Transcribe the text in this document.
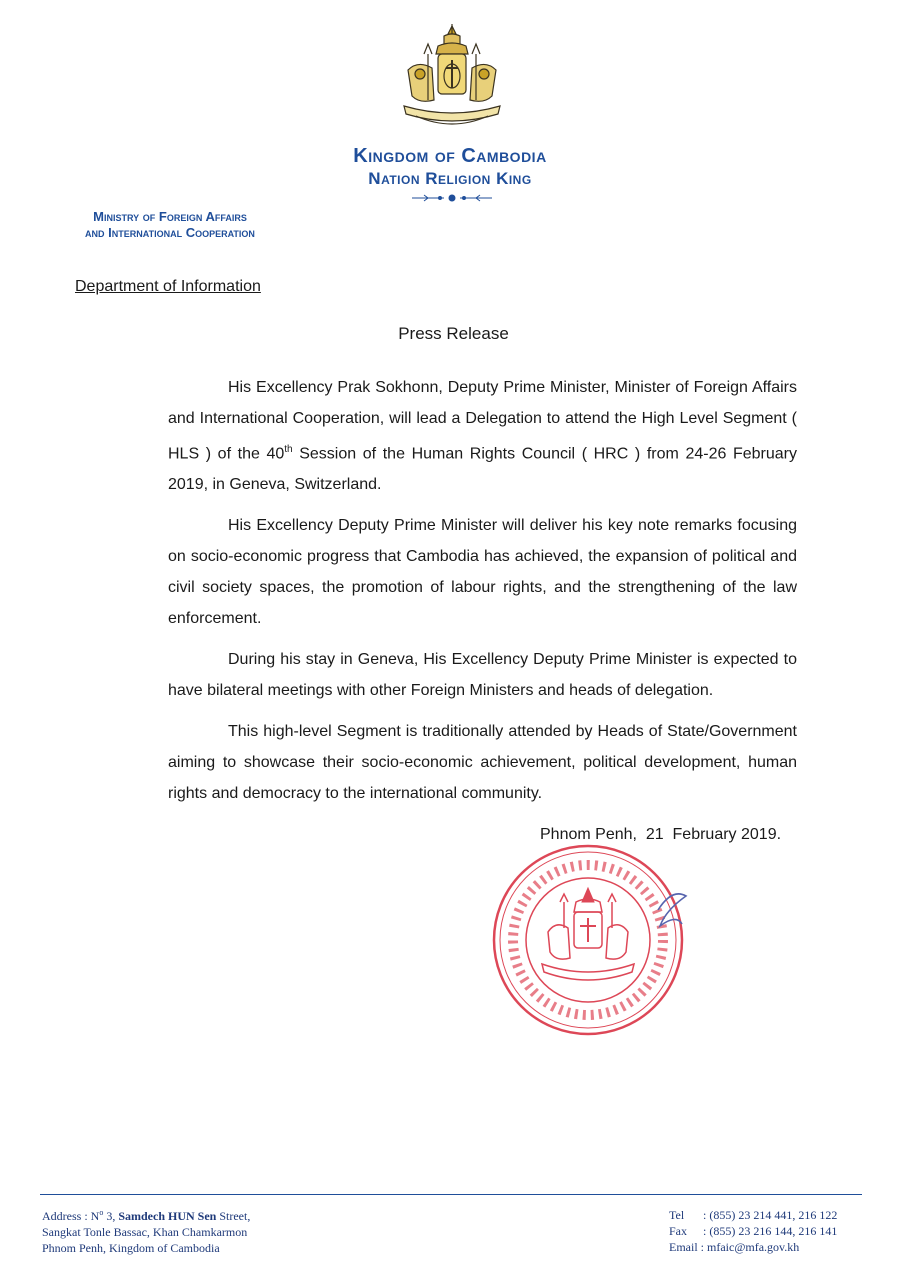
Kingdom of Cambodia
Nation Religion King
Ministry of Foreign Affairs
and International Cooperation
Department of Information
Press Release

His Excellency Prak Sokhonn, Deputy Prime Minister, Minister of Foreign Affairs and International Cooperation, will lead a Delegation to attend the High Level Segment ( HLS ) of the 40th Session of the Human Rights Council ( HRC ) from 24-26 February 2019, in Geneva, Switzerland.

His Excellency Deputy Prime Minister will deliver his key note remarks focusing on socio-economic progress that Cambodia has achieved, the expansion of political and civil society spaces, the promotion of labour rights, and the strengthening of the law enforcement.

During his stay in Geneva, His Excellency Deputy Prime Minister is expected to have bilateral meetings with other Foreign Ministers and heads of delegation.

This high-level Segment is traditionally attended by Heads of State/Government aiming to showcase their socio-economic achievement, political development, human rights and democracy to the international community.

Phnom Penh,  21  February 2019.
Address : $N^o$ 3, Samdech HUN Sen Street,
Sangkat Tonle Bassac, Khan Chamkarmon
Phnom Penh, Kingdom of Cambodia
Tel : (855) 23 214 441, 216 122
Fax : (855) 23 216 144, 216 141
Email : mfaic@mfa.gov.kh
